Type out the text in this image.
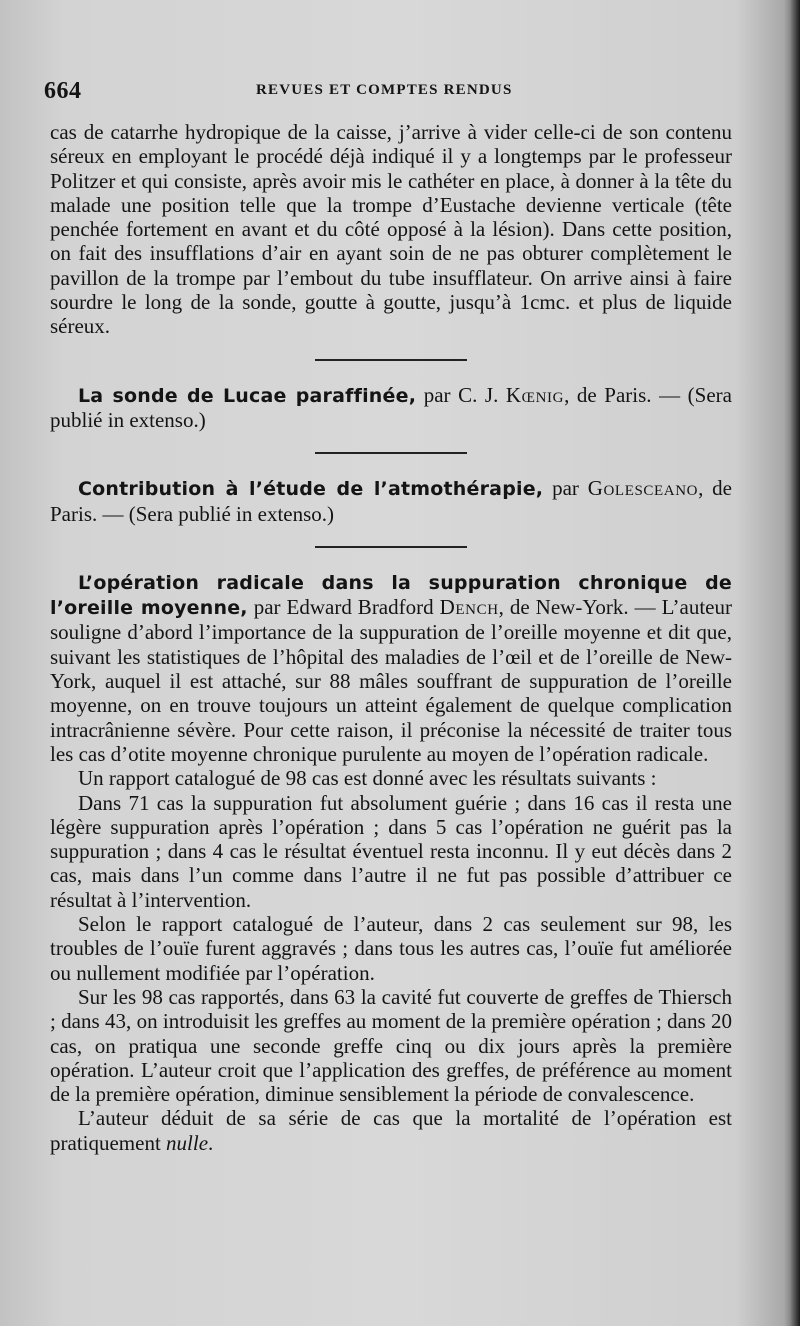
664	REVUES ET COMPTES RENDUS

cas de catarrhe hydropique de la caisse, j’arrive à vider celle-ci de son contenu séreux en employant le procédé déjà indiqué il y a longtemps par le professeur Politzer et qui consiste, après avoir mis le cathéter en place, à donner à la tête du malade une position telle que la trompe d’Eustache devienne verticale (tête penchée fortement en avant et du côté opposé à la lésion). Dans cette position, on fait des insufflations d’air en ayant soin de ne pas obturer complètement le pavillon de la trompe par l’embout du tube insufflateur. On arrive ainsi à faire sourdre le long de la sonde, goutte à goutte, jusqu’à 1cmc. et plus de liquide séreux.

La sonde de Lucae paraffinée, par C. J. Kœnig, de Paris. — (Sera publié in extenso.)

Contribution à l’étude de l’atmothérapie, par Golesceano, de Paris. — (Sera publié in extenso.)

L’opération radicale dans la suppuration chronique de l’oreille moyenne, par Edward Bradford Dench, de New-York. — L’auteur souligne d’abord l’importance de la suppuration de l’oreille moyenne et dit que, suivant les statistiques de l’hôpital des maladies de l’œil et de l’oreille de New-York, auquel il est attaché, sur 88 mâles souffrant de suppuration de l’oreille moyenne, on en trouve toujours un atteint également de quelque complication intracrânienne sévère. Pour cette raison, il préconise la nécessité de traiter tous les cas d’otite moyenne chronique purulente au moyen de l’opération radicale.

Un rapport catalogué de 98 cas est donné avec les résultats suivants :

Dans 71 cas la suppuration fut absolument guérie ; dans 16 cas il resta une légère suppuration après l’opération ; dans 5 cas l’opération ne guérit pas la suppuration ; dans 4 cas le résultat éventuel resta inconnu. Il y eut décès dans 2 cas, mais dans l’un comme dans l’autre il ne fut pas possible d’attribuer ce résultat à l’intervention.

Selon le rapport catalogué de l’auteur, dans 2 cas seulement sur 98, les troubles de l’ouïe furent aggravés ; dans tous les autres cas, l’ouïe fut améliorée ou nullement modifiée par l’opération.

Sur les 98 cas rapportés, dans 63 la cavité fut couverte de greffes de Thiersch ; dans 43, on introduisit les greffes au moment de la première opération ; dans 20 cas, on pratiqua une seconde greffe cinq ou dix jours après la première opération. L’auteur croit que l’application des greffes, de préférence au moment de la première opération, diminue sensiblement la période de convalescence.

L’auteur déduit de sa série de cas que la mortalité de l’opération est pratiquement nulle.
